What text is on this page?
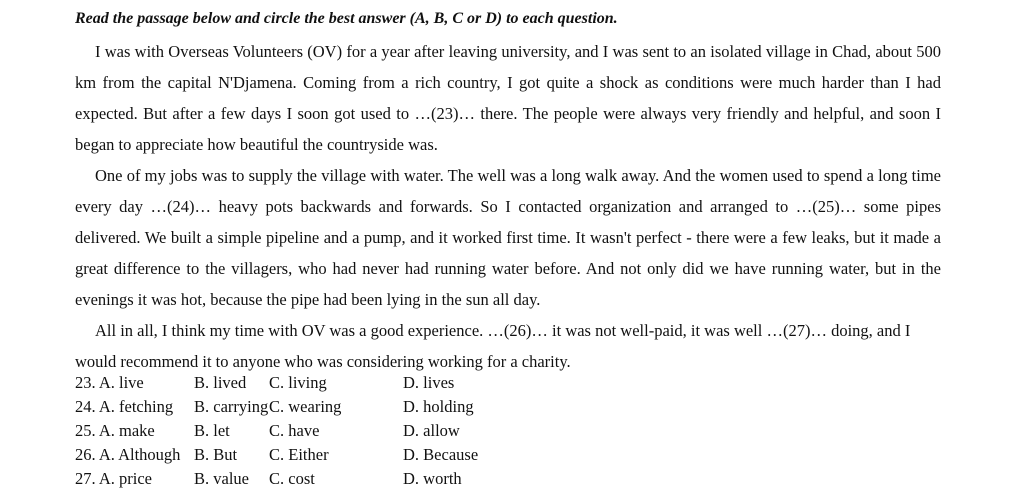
Read the passage below and circle the best answer (A, B, C or D) to each question.

I was with Overseas Volunteers (OV) for a year after leaving university, and I was sent to an isolated village in Chad, about 500 km from the capital N'Djamena. Coming from a rich country, I got quite a shock as conditions were much harder than I had expected. But after a few days I soon got used to …(23)… there. The people were always very friendly and helpful, and soon I began to appreciate how beautiful the countryside was.

One of my jobs was to supply the village with water. The well was a long walk away. And the women used to spend a long time every day …(24)… heavy pots backwards and forwards. So I contacted organization and arranged to …(25)… some pipes delivered. We built a simple pipeline and a pump, and it worked first time. It wasn't perfect - there were a few leaks, but it made a great difference to the villagers, who had never had running water before. And not only did we have running water, but in the evenings it was hot, because the pipe had been lying in the sun all day.

All in all, I think my time with OV was a good experience. …(26)… it was not well-paid, it was well …(27)… doing, and I would recommend it to anyone who was considering working for a charity.

23. A. live	B. lived C. living	D. lives
24. A. fetching B. carrying C. wearing	D. holding
25. A. make B. let C. have	D. allow
26. A. Although B. But C. Either	D. Because
27. A. price	B. value C. cost	D. worth
